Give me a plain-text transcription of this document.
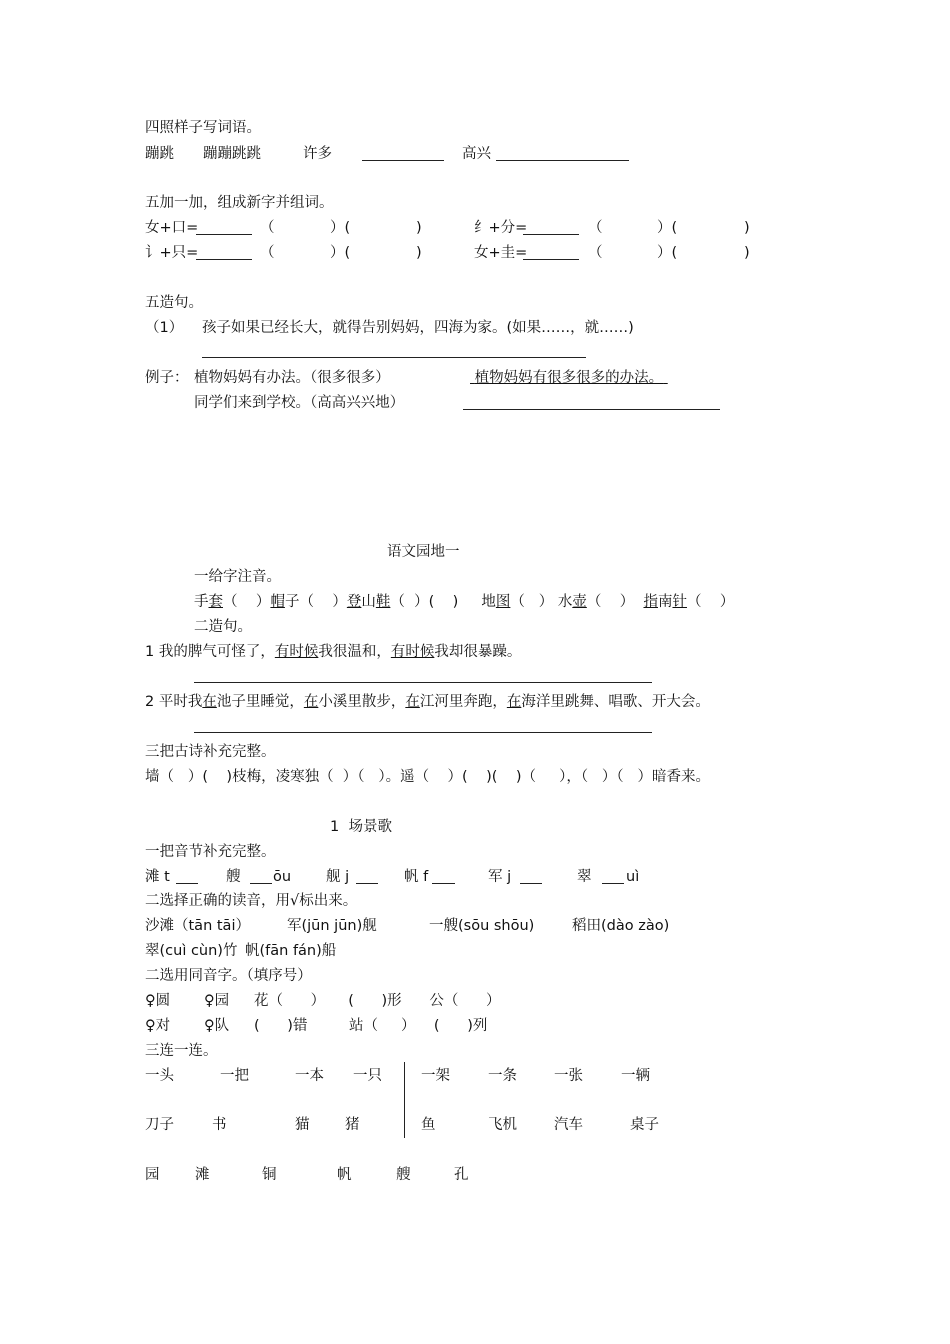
四照样子写词语。
蹦跳 蹦蹦跳跳	许多	高兴
五加一加，组成新字并组词。
女+口=	（	）(	)	纟+分=	（	）(	)
讠+只=	（	）(	)	女+圭=	（	）(	)
五造句。
（1） 孩子如果已经长大，就得告别妈妈，四海为家。(如果……，就……)
例子： 植物妈妈有办法。（很多很多）	植物妈妈有很多很多的办法。
同学们来到学校。（高高兴兴地）
语文园地一
一给字注音。
手套（    ）帽子（    ）登山鞋（  ）(    )     地图（   ） 水壶（    ）  指南针（    ）
二造句。
1 我的脾气可怪了，有时候我很温和，有时候我却很暴躁。
2 平时我在池子里睡觉，在小溪里散步，在江河里奔跑，在海洋里跳舞、唱歌、开大会。
三把古诗补充完整。
墙（   ）(    )枝梅，凌寒独（  ）（   ）。遥（    ）(    )(    )（     ），（   ）（   ）暗香来。
1  场景歌
一把音节补充完整。
滩 t	艘 ōu 舰 j	帆 f	军 j	翠 uì
二选择正确的读音，用√标出来。
沙滩（tān tāi）	军(jūn jūn)舰	一艘(sōu shōu)	稻田(dào zào)
翠(cuì cùn)竹 帆(fān fán)船
二选用同音字。（填序号）
♀圆 ♀园 花（      ）     (      )形 公（      ）
♀对 ♀队 (      )错	站（     ）    (      )列
三连一连。
一头	一把	一本 一只	一架	一条	一张	一辆
刀子	书	猫 猪	鱼	飞机	汽车	桌子
园 滩	铜	帆	艘	孔
